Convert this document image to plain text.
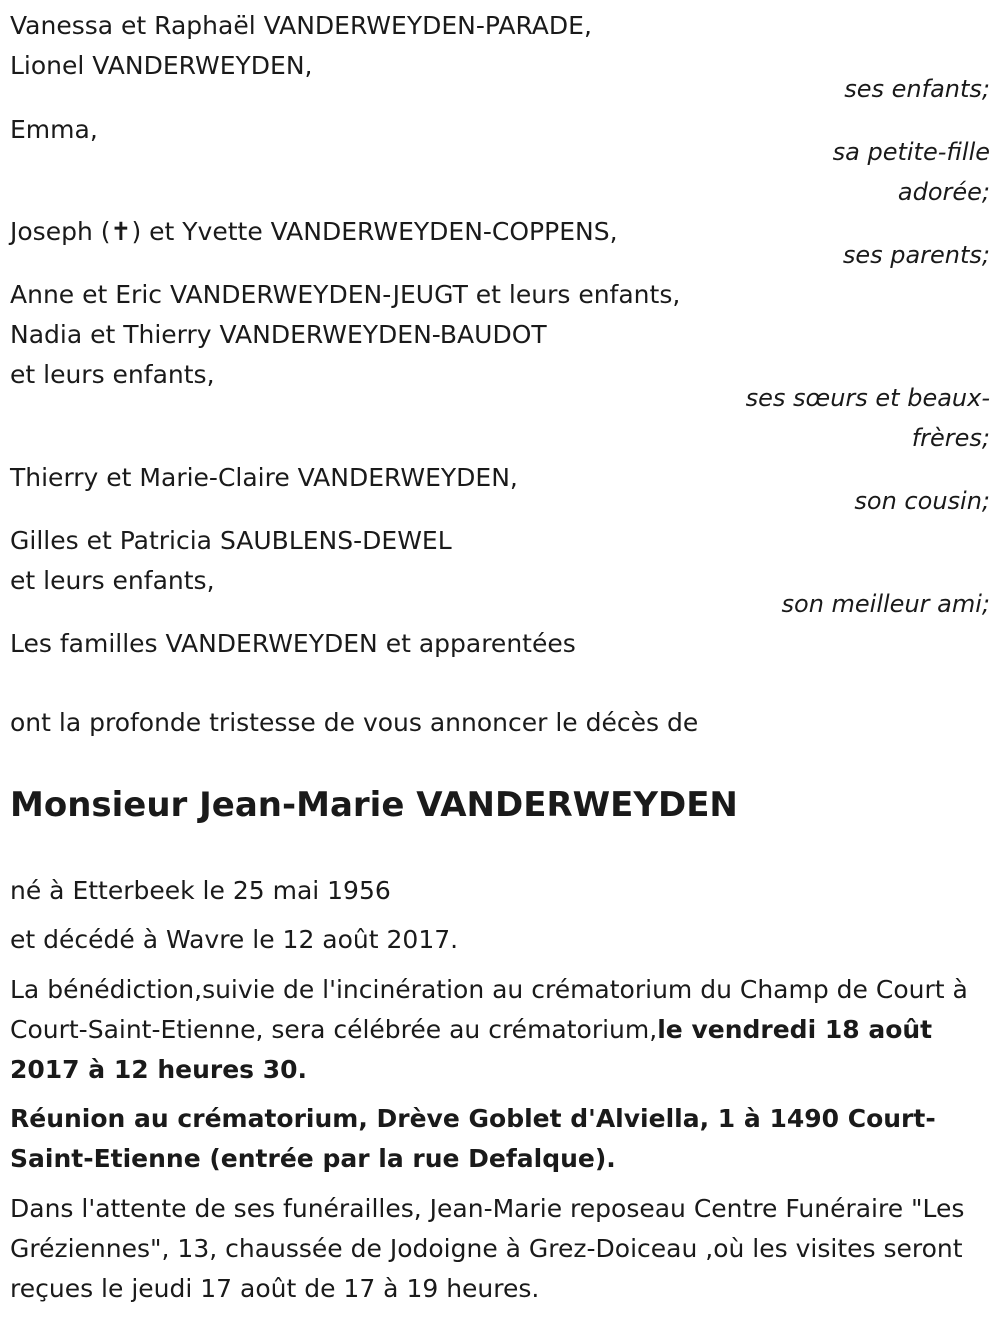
Vanessa et Raphaël VANDERWEYDEN-PARADE,
Lionel VANDERWEYDEN,
ses enfants;
Emma,
sa petite-fille
adorée;
Joseph (✝) et Yvette VANDERWEYDEN-COPPENS,
ses parents;
Anne et Eric VANDERWEYDEN-JEUGT et leurs enfants,
Nadia et Thierry VANDERWEYDEN-BAUDOT
et leurs enfants,
ses sœurs et beaux-
frères;
Thierry et Marie-Claire VANDERWEYDEN,
son cousin;
Gilles et Patricia SAUBLENS-DEWEL
et leurs enfants,
son meilleur ami;
Les familles VANDERWEYDEN et apparentées
ont la profonde tristesse de vous annoncer le décès de
Monsieur Jean-Marie VANDERWEYDEN
né à Etterbeek le 25 mai 1956
et décédé à Wavre le 12 août 2017.
La bénédiction,suivie de l'incinération au crématorium du Champ de Court à Court-Saint-Etienne, sera célébrée au crématorium,le vendredi 18 août 2017 à 12 heures 30.
Réunion au crématorium, Drève Goblet d'Alviella, 1 à 1490 Court-Saint-Etienne (entrée par la rue Defalque).
Dans l'attente de ses funérailles, Jean-Marie reposeau Centre Funéraire "Les Gréziennes", 13, chaussée de Jodoigne à Grez-Doiceau ,où les visites seront reçues le jeudi 17 août de 17 à 19 heures.
